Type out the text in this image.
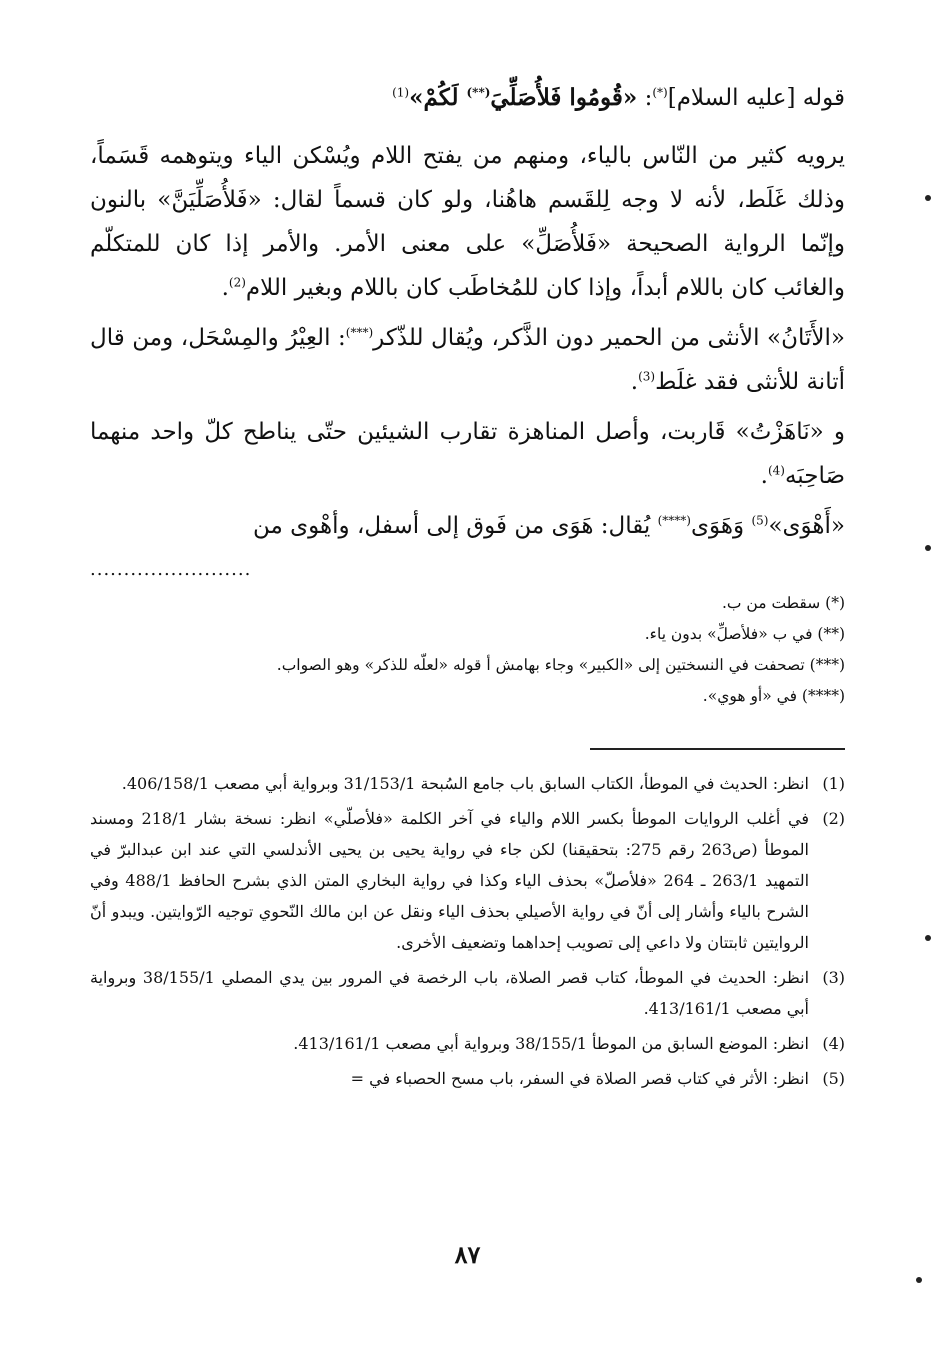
قوله [عليه السلام](*): «قُومُوا فَلأُصَلِّيَ(**) لَكُمْ»$^{(1)}$

يرويه كثير من النّاس بالياء، ومنهم من يفتح اللام ويُسْكن الياء ويتوهمه قَسَماً، وذلك غَلَط، لأنه لا وجه لِلقَسم هاهُنا، ولو كان قسماً لقال: «فَلأُصَلِّيَنَّ» بالنون وإنّما الرواية الصحيحة «فَلأُصَلِّ» على معنى الأمر. والأمر إذا كان للمتكلّم والغائب كان باللام أبداً، وإذا كان للمُخاطَب كان باللام وبغير اللام$^{(2)}$.

«الأَتَانُ» الأنثى من الحمير دون الذَّكر، ويُقال للذّكر(***): العِيْرُ والمِسْحَل، ومن قال أتانة للأنثى فقد غلَط$^{(3)}$.

و «نَاهَزْتُ» قَاربت، وأصل المناهزة تقارب الشيئين حتّى يناطح كلّ واحد منهما صَاحِبَه$^{(4)}$.

«أَهْوَى»$^{(5)}$ وَهَوَى(****) يُقال: هَوَى من فَوق إلى أسفل، وأهْوى من

........................

(*) سقطت من ب.

(**) في ب «فلأصلِّ» بدون ياء.

(***) تصحفت في النسختين إلى «الكبير» وجاء بهامش أ قوله «لعلّه للذكر» وهو الصواب.

(****) في «أو هوي».

(1)
انظر: الحديث في الموطأ، الكتاب السابق باب جامع السُبحة 31/153/1 وبرواية أبي مصعب 406/158/1.
(2)
في أغلب الروايات الموطأ بكسر اللام والياء في آخر الكلمة «فلأصلّي» انظر: نسخة بشار 218/1 ومسند الموطأ (ص263 رقم 275: بتحقيقنا) لكن جاء في رواية يحيى بن يحيى الأندلسي التي عند ابن عبدالبرّ في التمهيد 263/1 ـ 264 «فلأصلّ» بحذف الياء وكذا في رواية البخاري المتن الذي بشرح الحافظ 488/1 وفي الشرح بالياء وأشار إلى أنّ في رواية الأصيلي بحذف الياء ونقل عن ابن مالك النّحوي توجيه الرّوايتين. ويبدو أنّ الروايتين ثابتتان ولا داعي إلى تصويب إحداهما وتضعيف الأخرى.
(3)
انظر: الحديث في الموطأ، كتاب قصر الصلاة، باب الرخصة في المرور بين يدي المصلي 38/155/1 وبرواية أبي مصعب 413/161/1.
(4)
انظر: الموضع السابق من الموطأ 38/155/1 وبرواية أبي مصعب 413/161/1.
(5)
انظر: الأثر في كتاب قصر الصلاة في السفر، باب مسح الحصباء في =
٨٧
